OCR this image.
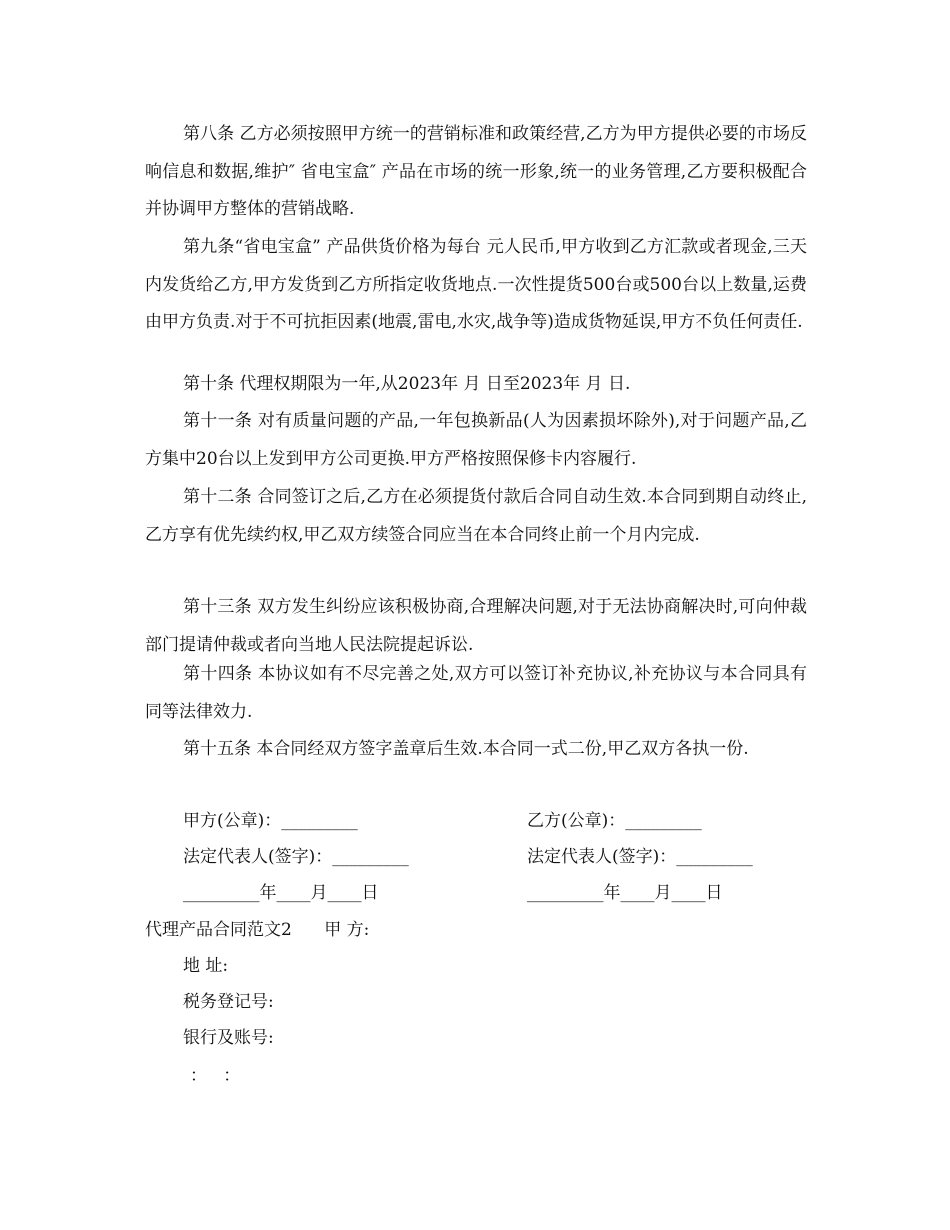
第八条 乙方必须按照甲方统一的营销标准和政策经营,乙方为甲方提供必要的市场反响信息和数据,维护″ 省电宝盒″ 产品在市场的统一形象,统一的业务管理,乙方要积极配合并协调甲方整体的营销战略.

第九条“省电宝盒” 产品供货价格为每台 元人民币,甲方收到乙方汇款或者现金,三天内发货给乙方,甲方发货到乙方所指定收货地点.一次性提货500台或500台以上数量,运费由甲方负责.对于不可抗拒因素(地震,雷电,水灾,战争等)造成货物延误,甲方不负任何责任.

第十条 代理权期限为一年,从2023年 月 日至2023年 月 日.

第十一条 对有质量问题的产品,一年包换新品(人为因素损坏除外),对于问题产品,乙方集中20台以上发到甲方公司更换.甲方严格按照保修卡内容履行.

第十二条 合同签订之后,乙方在必须提货付款后合同自动生效.本合同到期自动终止,乙方享有优先续约权,甲乙双方续签合同应当在本合同终止前一个月内完成.

第十三条 双方发生纠纷应该积极协商,合理解决问题,对于无法协商解决时,可向仲裁部门提请仲裁或者向当地人民法院提起诉讼.

第十四条 本协议如有不尽完善之处,双方可以签订补充协议,补充协议与本合同具有同等法律效力.

第十五条 本合同经双方签字盖章后生效.本合同一式二份,甲乙双方各执一份.

甲方(公章)：_________	乙方(公章)：_________
法定代表人(签字)：_________	法定代表人(签字)：_________
_________年____月____日	_________年____月____日
代理产品合同范文2      甲 方:
地 址:
税务登记号:
银行及账号:
：   ：
